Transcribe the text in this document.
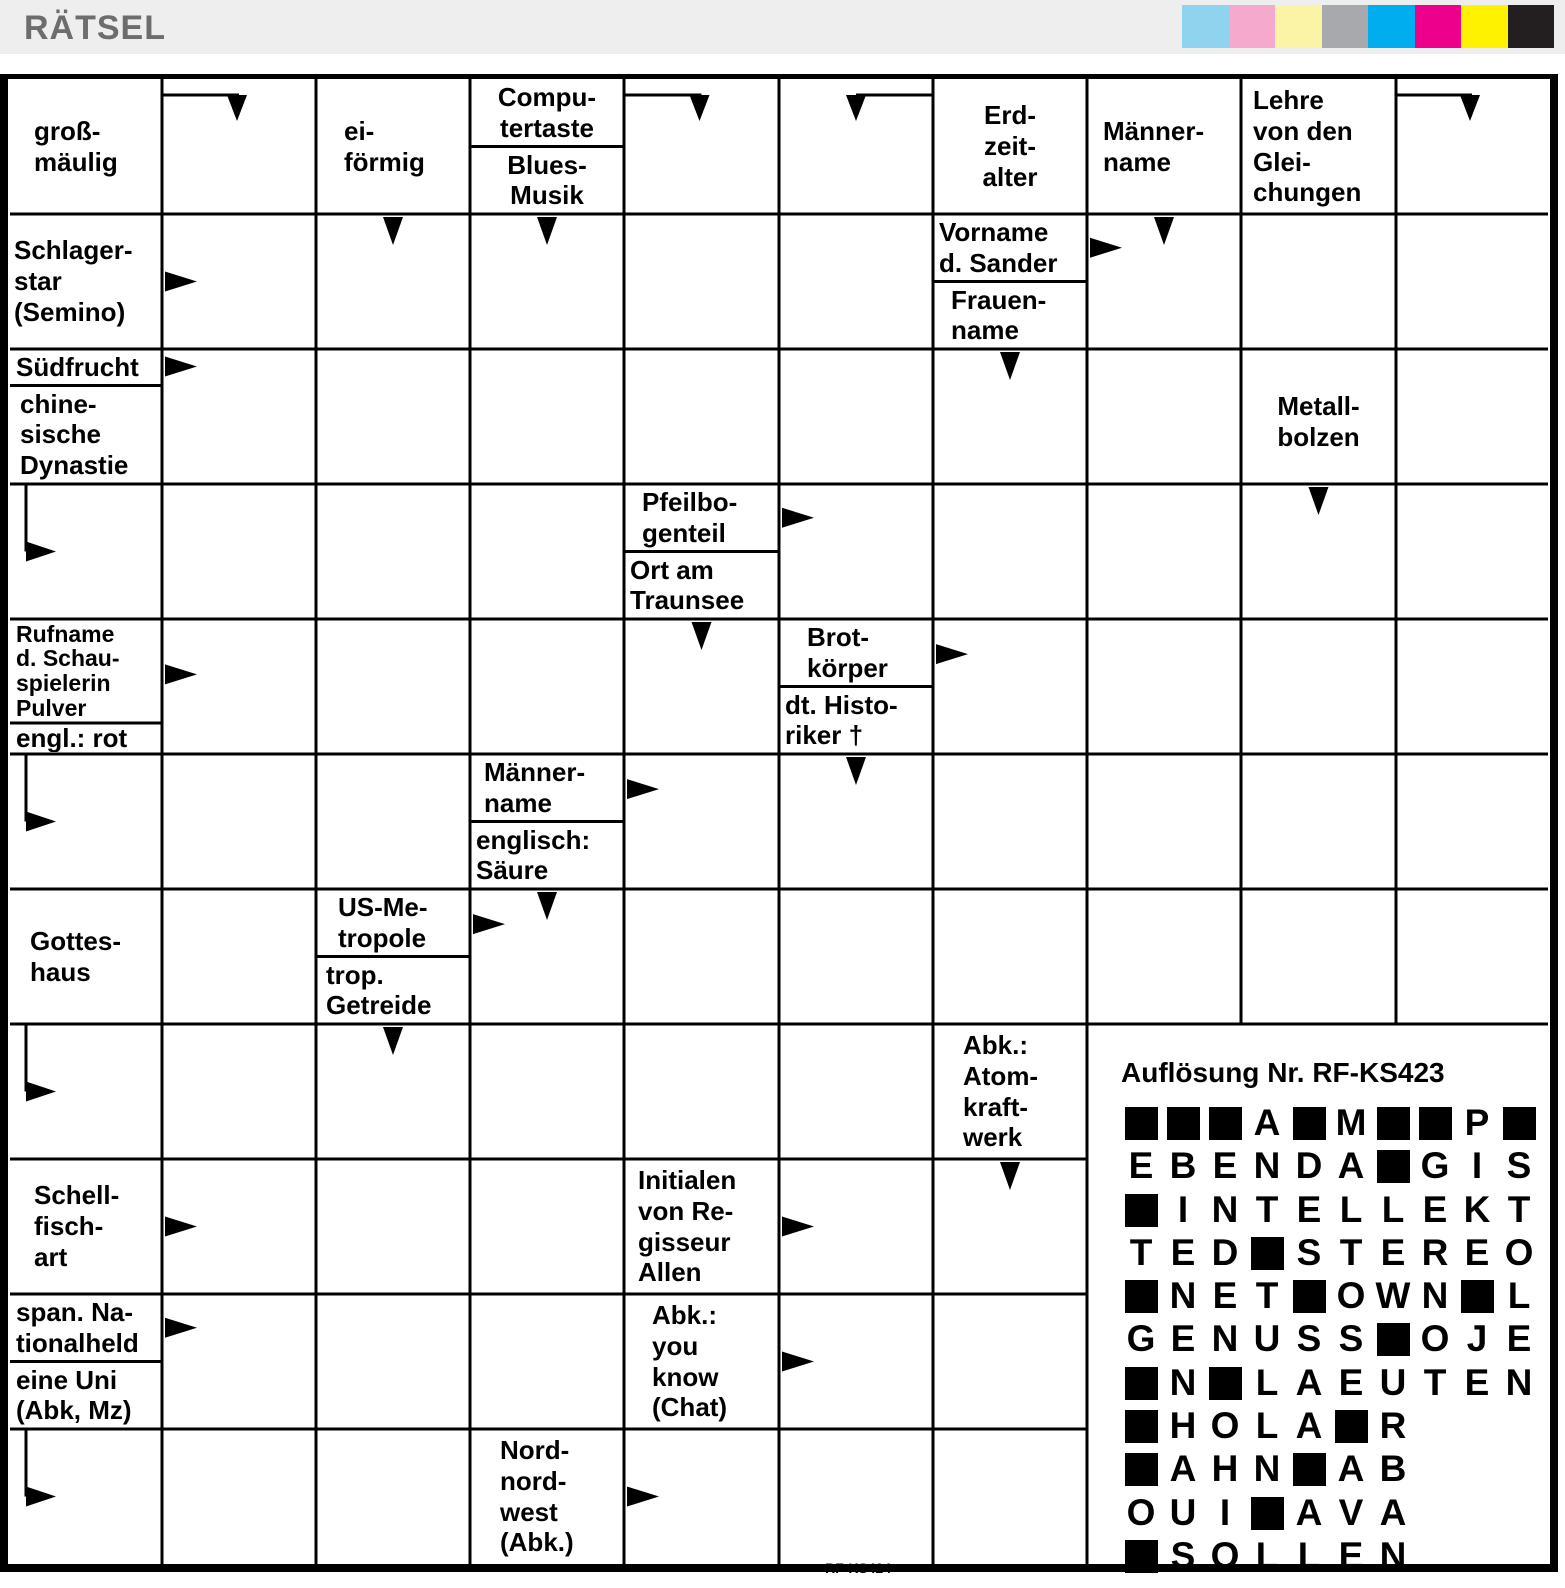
RÄTSEL
groß-
mäulig
ei-
förmig
Compu-
tertaste
Blues-
Musik
Erd-
zeit-
alter
Männer-
name
Lehre
von den
Glei-
chungen
Schlager-
star
(Semino)
Vorname
d. Sander
Frauen-
name
Südfrucht
chine-
sische
Dynastie
Metall-
bolzen
Pfeilbo-
genteil
Ort am
Traunsee
Rufname
d. Schau-
spielerin
Pulver
engl.: rot
Brot-
körper
dt. Histo-
riker †
Männer-
name
englisch:
Säure
Gottes-
haus
US-Me-
tropole
trop.
Getreide
Abk.:
Atom-
kraft-
werk
Schell-
fisch-
art
Initialen
von Re-
gisseur
Allen
span. Na-
tionalheld
eine Uni
(Abk, Mz)
Abk.:
you
know
(Chat)
Nord-
nord-
west
(Abk.)
Auflösung Nr. RF-KS423
A M	P
E B E N D A G I S
I N T E L L E K T
T E D S T E R E O
N E T O W N L
G E N U S S O J E
N L A E U T E N
H O L A R
A H N A B
O U I	A V A
S O L L E N
RF-KS424
